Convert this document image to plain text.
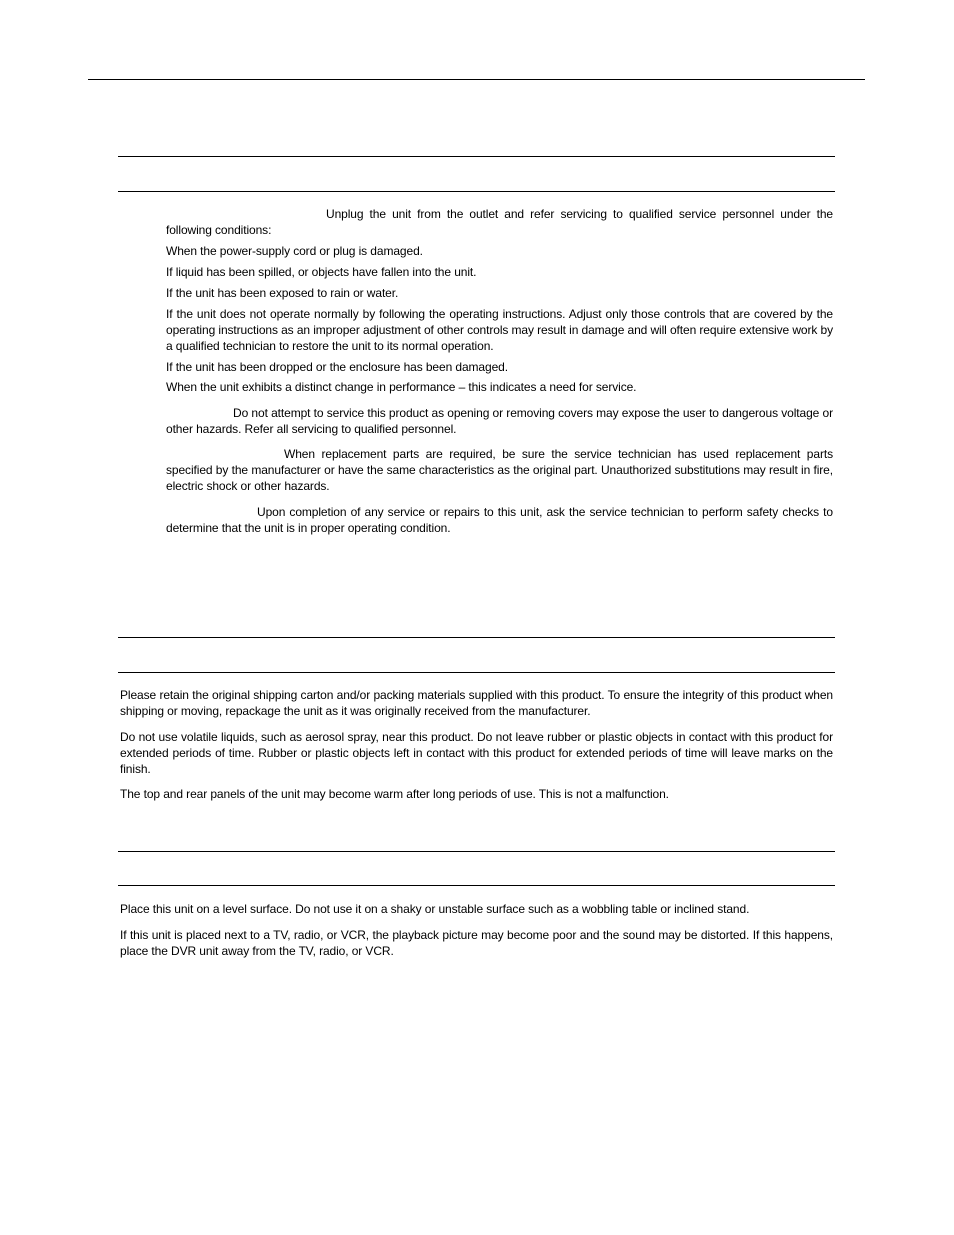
Unplug the unit from the outlet and refer servicing to qualified service personnel under the following conditions:

When the power-supply cord or plug is damaged.

If liquid has been spilled, or objects have fallen into the unit.

If the unit has been exposed to rain or water.

If the unit does not operate normally by following the operating instructions. Adjust only those controls that are covered by the operating instructions as an improper adjustment of other controls may result in damage and will often require extensive work by a qualified technician to restore the unit to its normal operation.

If the unit has been dropped or the enclosure has been damaged.

When the unit exhibits a distinct change in performance – this indicates a need for service.

Do not attempt to service this product as opening or removing covers may expose the user to dangerous voltage or other hazards. Refer all servicing to qualified personnel.

When replacement parts are required, be sure the service technician has used replacement parts specified by the manufacturer or have the same characteristics as the original part. Unauthorized substitutions may result in fire, electric shock or other hazards.

Upon completion of any service or repairs to this unit, ask the service technician to perform safety checks to determine that the unit is in proper operating condition.

Please retain the original shipping carton and/or packing materials supplied with this product. To ensure the integrity of this product when shipping or moving, repackage the unit as it was originally received from the manufacturer.

Do not use volatile liquids, such as aerosol spray, near this product. Do not leave rubber or plastic objects in contact with this product for extended periods of time. Rubber or plastic objects left in contact with this product for extended periods of time will leave marks on the finish.

The top and rear panels of the unit may become warm after long periods of use. This is not a malfunction.

Place this unit on a level surface. Do not use it on a shaky or unstable surface such as a wobbling table or inclined stand.

If this unit is placed next to a TV, radio, or VCR, the playback picture may become poor and the sound may be distorted. If this happens, place the DVR unit away from the TV, radio, or VCR.
